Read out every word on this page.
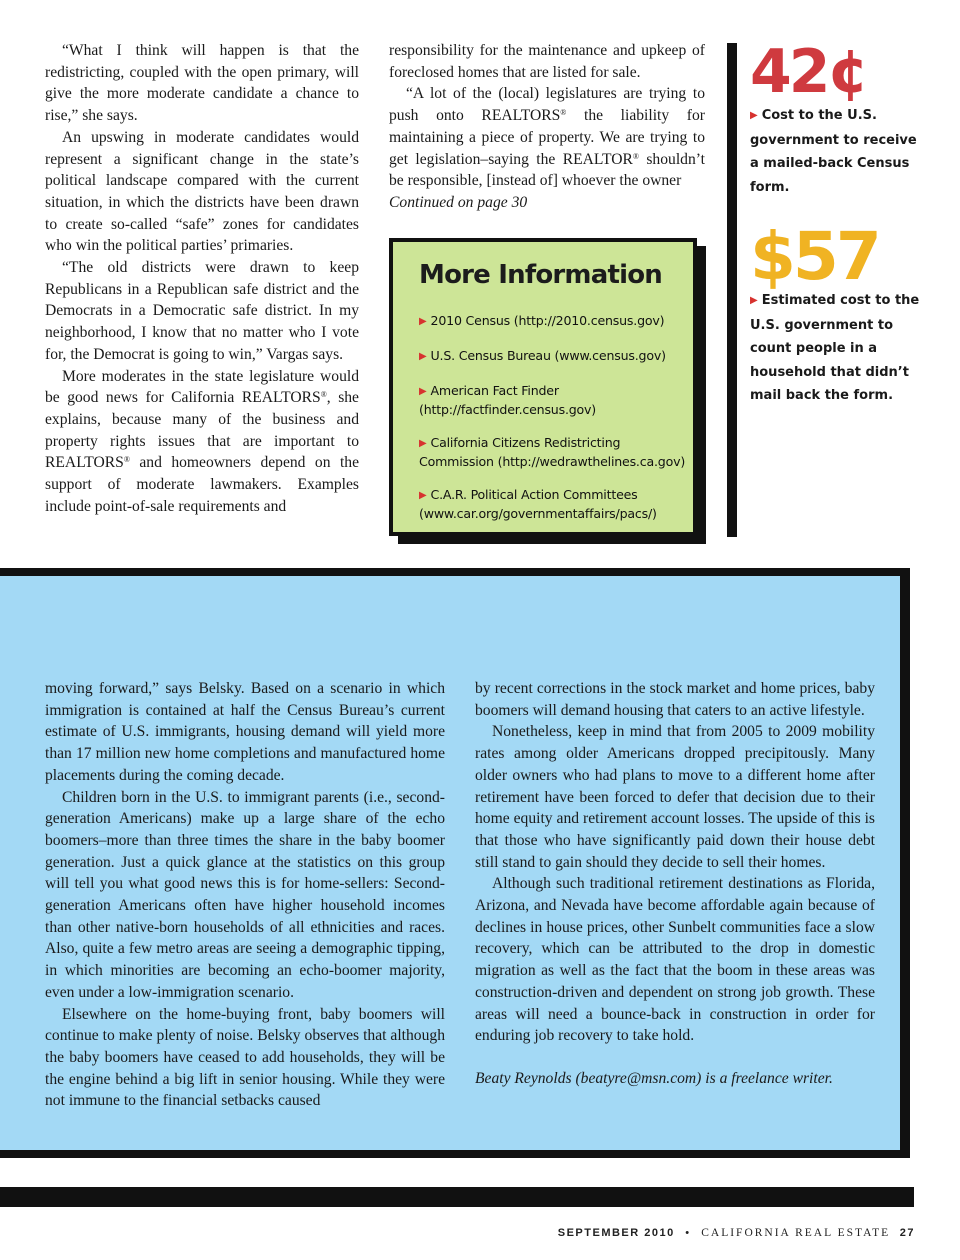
“What I think will happen is that the redistricting, coupled with the open primary, will give the more moderate candidate a chance to rise,” she says.

An upswing in moderate candidates would represent a significant change in the state’s political landscape compared with the current situation, in which the districts have been drawn to create so-called “safe” zones for candidates who win the political parties’ primaries.

“The old districts were drawn to keep Republicans in a Republican safe district and the Democrats in a Democratic safe district. In my neighborhood, I know that no matter who I vote for, the Democrat is going to win,” Vargas says.

More moderates in the state legislature would be good news for California REALTORS®, she explains, because many of the business and property rights issues that are important to REALTORS® and homeowners depend on the support of moderate lawmakers. Examples include point-of-sale requirements and

responsibility for the maintenance and upkeep of foreclosed homes that are listed for sale.

“A lot of the (local) legislatures are trying to push onto REALTORS® the liability for maintaining a piece of property. We are trying to get legislation–saying the REALTOR® shouldn’t be responsible, [instead of] whoever the owner

Continued on page 30

More Information
▶ 2010 Census (http://2010.census.gov)
▶ U.S. Census Bureau (www.census.gov)
▶ American Fact Finder (http://factfinder.census.gov)
▶ California Citizens Redistricting Commission (http://wedrawthelines.ca.gov)
▶ C.A.R. Political Action Committees (www.car.org/governmentaffairs/pacs/)
42¢
▶ Cost to the U.S. government to receive a mailed-back Census form.
$57
▶ Estimated cost to the U.S. government to count people in a household that didn’t mail back the form.

moving forward,” says Belsky. Based on a scenario in which immigration is contained at half the Census Bureau’s current estimate of U.S. immigrants, housing demand will yield more than 17 million new home completions and manufactured home placements during the coming decade.

Children born in the U.S. to immigrant parents (i.e., second-generation Americans) make up a large share of the echo boomers–more than three times the share in the baby boomer generation. Just a quick glance at the statistics on this group will tell you what good news this is for home-sellers: Second-generation Americans often have higher household incomes than other native-born households of all ethnicities and races. Also, quite a few metro areas are seeing a demographic tipping, in which minorities are becoming an echo-boomer majority, even under a low-immigration scenario.

Elsewhere on the home-buying front, baby boomers will continue to make plenty of noise. Belsky observes that although the baby boomers have ceased to add households, they will be the engine behind a big lift in senior housing. While they were not immune to the financial setbacks caused

by recent corrections in the stock market and home prices, baby boomers will demand housing that caters to an active lifestyle.

Nonetheless, keep in mind that from 2005 to 2009 mobility rates among older Americans dropped precipitously. Many older owners who had plans to move to a different home after retirement have been forced to defer that decision due to their home equity and retirement account losses. The upside of this is that those who have significantly paid down their house debt still stand to gain should they decide to sell their homes.

Although such traditional retirement destinations as Florida, Arizona, and Nevada have become affordable again because of declines in house prices, other Sunbelt communities face a slow recovery, which can be attributed to the drop in domestic migration as well as the fact that the boom in these areas was construction-driven and dependent on strong job growth. These areas will need a bounce-back in construction in order for enduring job recovery to take hold.

Beaty Reynolds (beatyre@msn.com) is a freelance writer.

SEPTEMBER 2010 • CALIFORNIA REAL ESTATE 27
